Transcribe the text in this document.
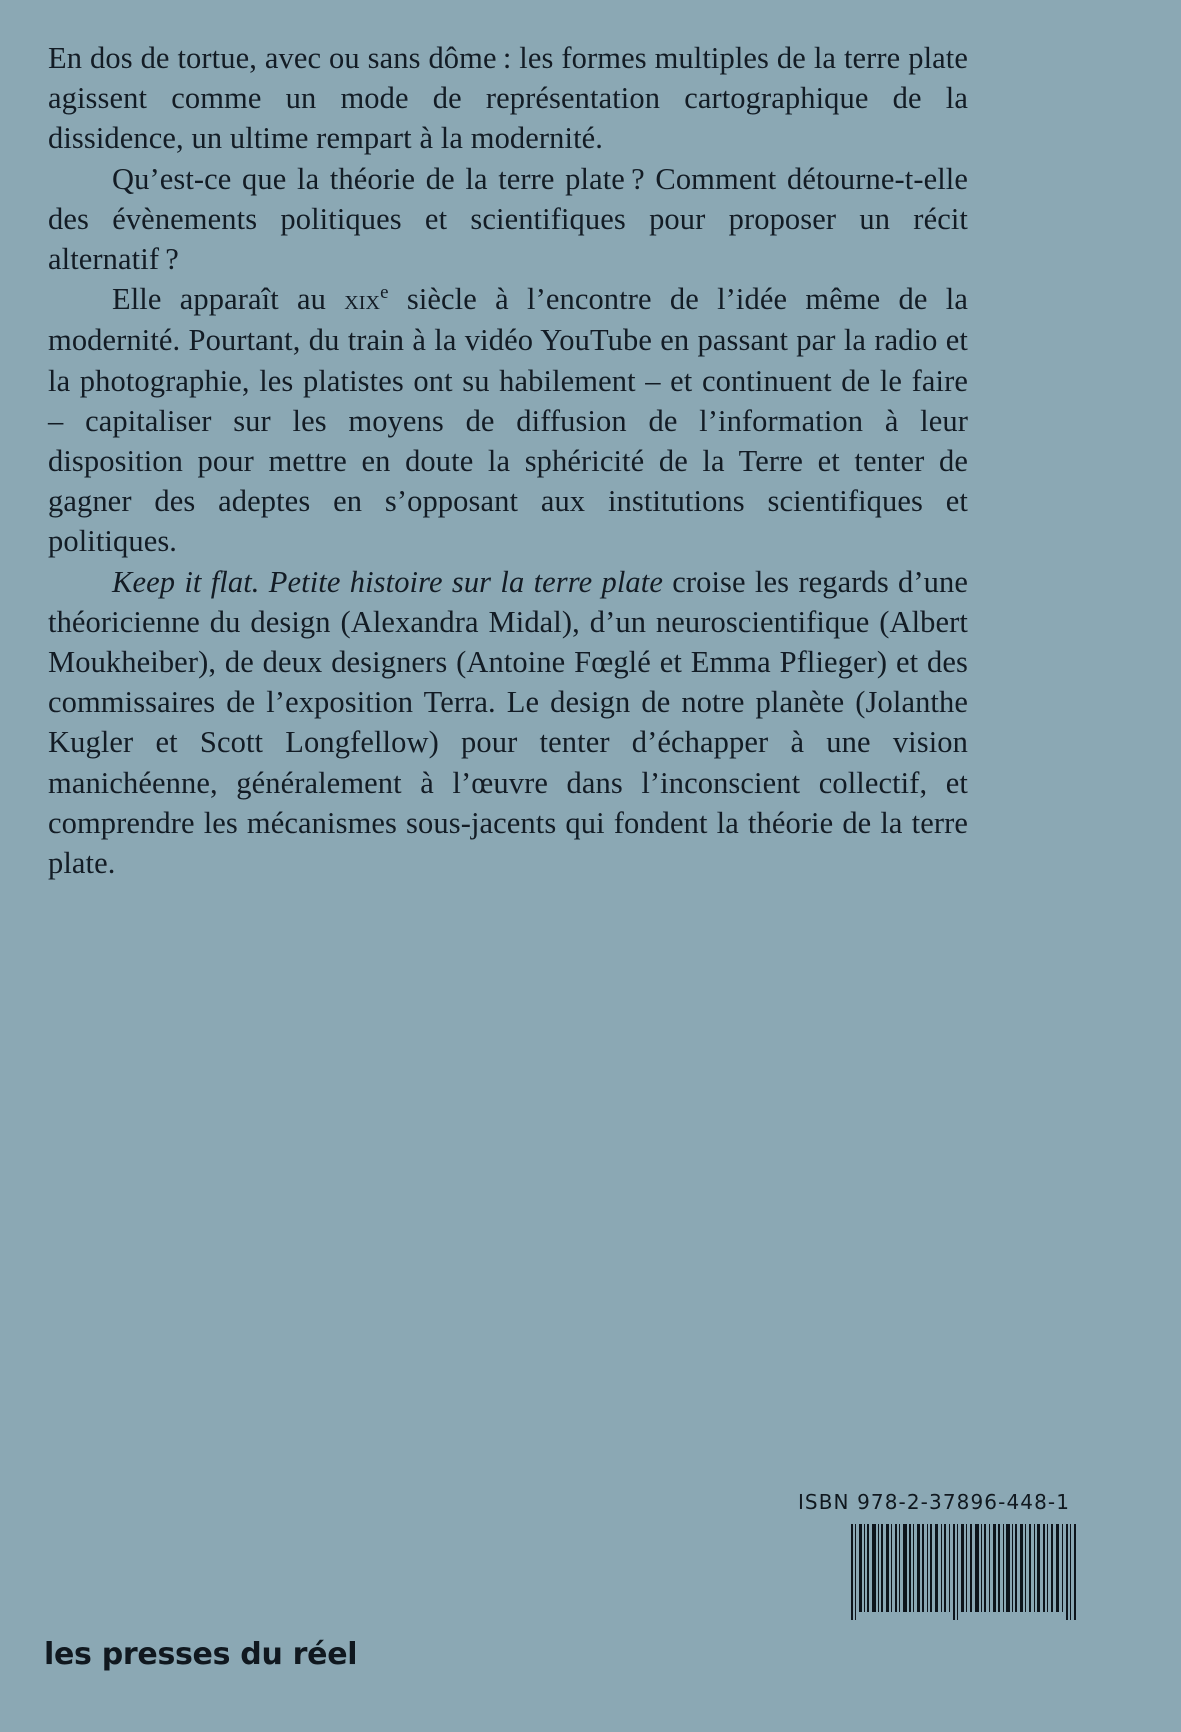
En dos de tortue, avec ou sans dôme : les formes multiples de la terre plate agissent comme un mode de représentation cartographique de la dissidence, un ultime rempart à la modernité.

Qu’est-ce que la théorie de la terre plate ? Comment détourne-t-elle des évènements politiques et scientifiques pour proposer un récit alternatif ?

Elle apparaît au xix$^e$ siècle à l’encontre de l’idée même de la modernité. Pourtant, du train à la vidéo YouTube en passant par la radio et la photographie, les platistes ont su habilement – et continuent de le faire – capitaliser sur les moyens de diffusion de l’information à leur disposition pour mettre en doute la sphéricité de la Terre et tenter de gagner des adeptes en s’opposant aux institutions scientifiques et politiques.

Keep it flat. Petite histoire sur la terre plate croise les regards d’une théoricienne du design (Alexandra Midal), d’un neuroscientifique (Albert Moukheiber), de deux designers (Antoine Fœglé et Emma Pflieger) et des commissaires de l’exposition Terra. Le design de notre planète (Jolanthe Kugler et Scott Longfellow) pour tenter d’échapper à une vision manichéenne, généralement à l’œuvre dans l’inconscient collectif, et comprendre les mécanismes sous-jacents qui fondent la théorie de la terre plate.

ISBN 978-2-37896-448-1
les presses du réel
